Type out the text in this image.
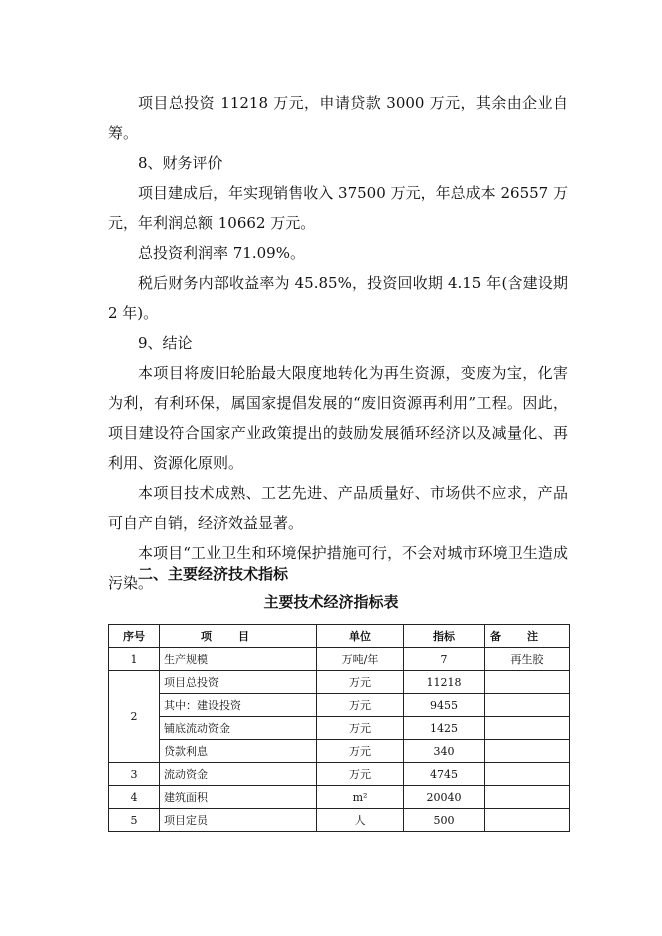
项目总投资 11218 万元，申请贷款 3000 万元，其余由企业自筹。

8、财务评价

项目建成后，年实现销售收入 37500 万元，年总成本 26557 万元，年利润总额 10662 万元。

总投资利润率 71.09%。

税后财务内部收益率为 45.85%，投资回收期 4.15 年(含建设期 2 年)。

9、结论

本项目将废旧轮胎最大限度地转化为再生资源，变废为宝，化害为利，有利环保，属国家提倡发展的“废旧资源再利用”工程。因此，项目建设符合国家产业政策提出的鼓励发展循环经济以及减量化、再利用、资源化原则。

本项目技术成熟、工艺先进、产品质量好、市场供不应求，产品可自产自销，经济效益显著。

本项目“工业卫生和环境保护措施可行，不会对城市环境卫生造成污染。

二、主要经济技术指标

主要技术经济指标表

序号	项目	单位	指标	备注
1	生产规模	万吨/年	7	再生胶
2	项目总投资	万元	11218	
	其中：建设投资	万元	9455	
	铺底流动资金	万元	1425	
	贷款利息	万元	340	
3	流动资金	万元	4745	
4	建筑面积	m²	20040	
5	项目定员	人	500	
